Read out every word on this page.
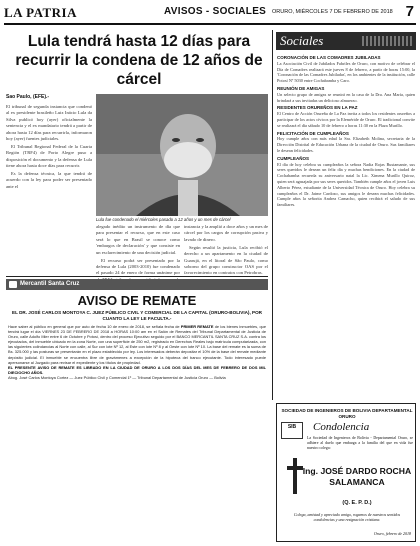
LA PATRIA	AVISOS - SOCIALES ORURO, MIÉRCOLES 7 DE FEBRERO DE 2018 7
Lula tendrá hasta 12 días para recurrir la condena de 12 años de cárcel
Sao Paulo, (EFE).-

El tribunal de segunda instancia que condenó al ex presidente brasileño Luiz Inácio Lula da Silva publicó hoy (ayer) oficialmente la sentencia y el ex mandatario tendrá a partir de ahora hasta 12 días para recurrirla, informaron hoy (ayer) fuentes judiciales.

El Tribunal Regional Federal de la Cuarta Región (TRF4) de Porto Alegre puso a disposición el documento y la defensa de Lula tiene ahora hasta doce días para recurrir.

Es la defensa técnica, la que tendrá de acuerdo con la ley para poder ser presentado ante el

Lula fue condenado el miércoles pasado a 12 años y un mes de cárcel

alegado inédito un instrumento de día que para presentar el recurso, que en este caso será lo que en Brasil se conoce como 'embargos de declaración' y que consiste en un esclarecimiento de una decisión judicial.

El recurso podrá ser presentado por la defensa de Lula (2003-2010) fue condenado el pasado 24 de enero de forma unánime por

instancia y la amplió a doce años y un mes de cárcel por los cargos de corrupción pasiva y lavado de dinero.

Según resultó la justicia, Lula recibió el derecho a un apartamento en la ciudad de Guarujá, en el litoral de São Paulo, como soborno del grupo constructor OAS por el favorecimiento en contratos con Petrobras.

Sociales
CORONACIÓN DE LAS COMADRES JUBILADAS

La Asociación Civil de Jubilados Fabriles de Oruro, con motivo de celebrar el Día de Comadres realizará este jueves 8 de febrero, a partir de horas 15:00, la 'Coronación de las Comadres Jubiladas', en los ambientes de la institución, calle Potosí Nº 5030 entre Cochabamba y Caro.

REUNIÓN DE AMIGAS

Un selecto grupo de amigas se reunirá en la casa de la Dra. Ana María, quien brindará a sus invitadas un delicioso almuerzo.

RESIDENTES ORUREÑOS EN LA PAZ

El Centro de Acción Orureña de La Paz invita a todos los residentes orureños a participar de los actos cívicos por la Efeméride de Oruro. El tradicional convite se realizará el día sábado 10 de febrero a horas 11:30 en la Plaza Murillo.

FELICITACIÓN DE CUMPLEAÑOS

Hoy cumple años con más edad la Sra. Elizabeth Molina, secretaria de la Dirección Distrital de Educación Urbana de la ciudad de Oruro. Sus familiares le desean felicidades.

CUMPLEAÑOS

El día de hoy celebra su cumpleaños la señora Nadia Rojas Bustamante, sus seres queridos le desean un feliz día y muchas bendiciones. En la ciudad de Cochabamba recuerda su aniversario natal la Lic. Ximena Murillo Quiroz, quien será agasajada por sus seres queridos. También cumple años el joven Luis Alberto Pérez, estudiante de la Universidad Técnica de Oruro. Hoy celebra su cumpleaños el Dr. Jaime Cardozo, sus amigos le desean muchas felicidades. Cumple años la señorita Andrea Camacho, quien recibirá el saludo de sus familiares.

Mercantil Santa Cruz
AVISO DE REMATE
EL DR. JOSÉ CARLOS MONTOYA C. JUEZ PÚBLICO CIVIL Y COMERCIAL DE LA CAPITAL (ORURO-BOLIVIA), POR CUANTO LA LEY LE FACULTA.-
Hace saber al público en general que por auto de fecha 10 de enero de 2018, se señala fecha de PRIMER REMATE de los bienes inmuebles, que tendrá lugar el día VIERNES 23 DE FEBRERO DE 2018 a HORAS 10:00 am en el Salón de Remates del Tribunal Departamental de Justicia de Oruro, calle Adolfo Mier entre 6 de Octubre y Potosí, dentro del proceso Ejecutivo seguido por el BANCO MERCANTIL SANTA CRUZ S.A. contra los ejecutados, del inmueble ubicado en la zona Norte, con una superficie de 250 m2, registrado en Derechos Reales bajo matrícula computarizada, con las siguientes colindancias al Norte con calle, al Sur con lote Nº 12, al Este con lote Nº 8 y al Oeste con lote Nº 10. La base del remate es la suma de Bs. 325.000 y las posturas se presentarán en el plazo establecido por ley. Los interesados deberán depositar el 10% de la base del remate mediante depósito judicial. El inmueble se encuentra libre de gravámenes a excepción de la hipoteca del banco ejecutante. Todo interesado puede apersonarse al Juzgado para revisar el expediente y los títulos de propiedad.
EL PRESENTE AVISO DE REMATE ES LIBRADO EN LA CIUDAD DE ORURO A LOS DOS DÍAS DEL MES DE FEBRERO DE DOS MIL DIECIOCHO AÑOS.
Abog. José Carlos Montoya Cortez — Juez Público Civil y Comercial 1º — Tribunal Departamental de Justicia Oruro — Bolivia
SOCIEDAD DE INGENIEROS DE BOLIVIA DEPARTAMENTAL ORURO
SIB	Condolencia
La Sociedad de Ingenieros de Bolivia - Departamental Oruro, se adhiere al duelo que embarga a la familia del que en vida fue nuestro colega:
Ing. JOSÉ DARDO ROCHA SALAMANCA
(Q. E. P. D.)
Colega, amistad y apreciado amigo, rogamos de nuestros sentidos condolencias y una resignación cristiana.
Oruro, febrero de 2018
